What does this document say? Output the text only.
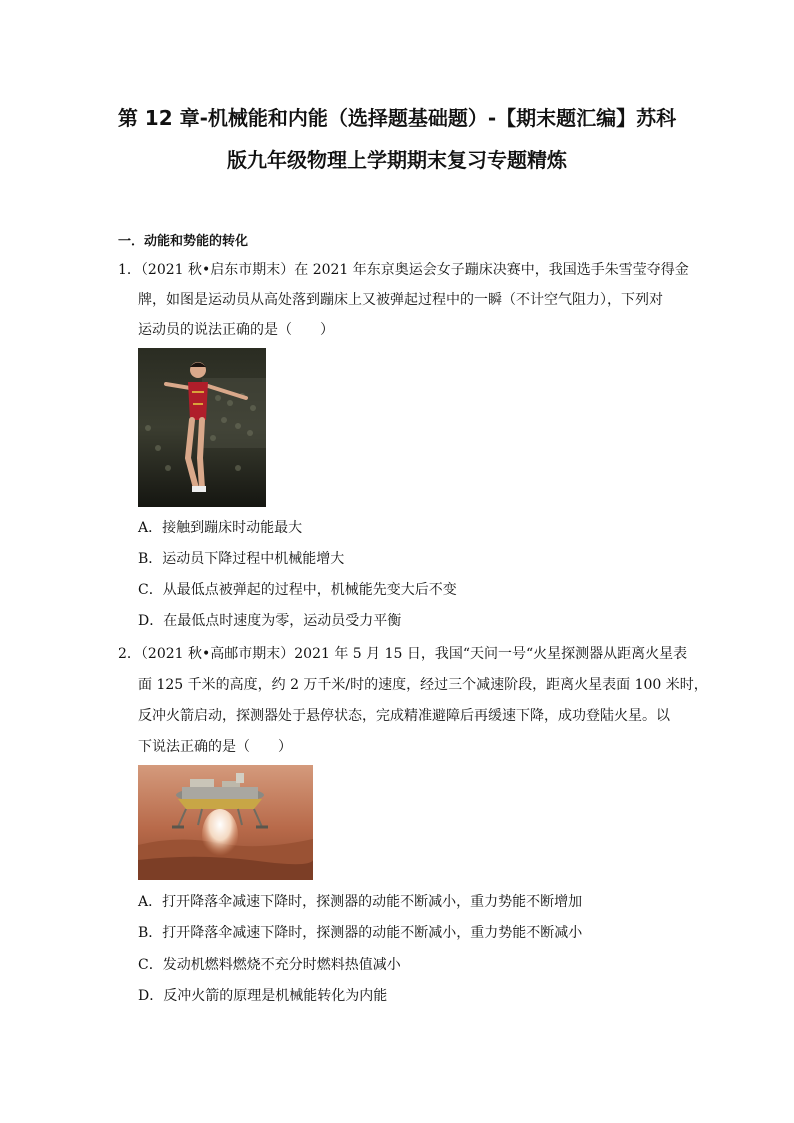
第 12 章-机械能和内能（选择题基础题）-【期末题汇编】苏科
版九年级物理上学期期末复习专题精炼
一．动能和势能的转化
1．（2021 秋•启东市期末）在 2021 年东京奥运会女子蹦床决赛中，我国选手朱雪莹夺得金
牌，如图是运动员从高处落到蹦床上又被弹起过程中的一瞬（不计空气阻力），下列对
运动员的说法正确的是（　　）
A．接触到蹦床时动能最大
B．运动员下降过程中机械能增大
C．从最低点被弹起的过程中，机械能先变大后不变
D．在最低点时速度为零，运动员受力平衡
2．（2021 秋•高邮市期末）2021 年 5 月 15 日，我国“天问一号“火星探测器从距离火星表
面 125 千米的高度，约 2 万千米/时的速度，经过三个减速阶段，距离火星表面 100 米时，
反冲火箭启动，探测器处于悬停状态，完成精准避障后再缓速下降，成功登陆火星。以
下说法正确的是（　　）
A．打开降落伞减速下降时，探测器的动能不断减小，重力势能不断增加
B．打开降落伞减速下降时，探测器的动能不断减小，重力势能不断减小
C．发动机燃料燃烧不充分时燃料热值减小
D．反冲火箭的原理是机械能转化为内能
